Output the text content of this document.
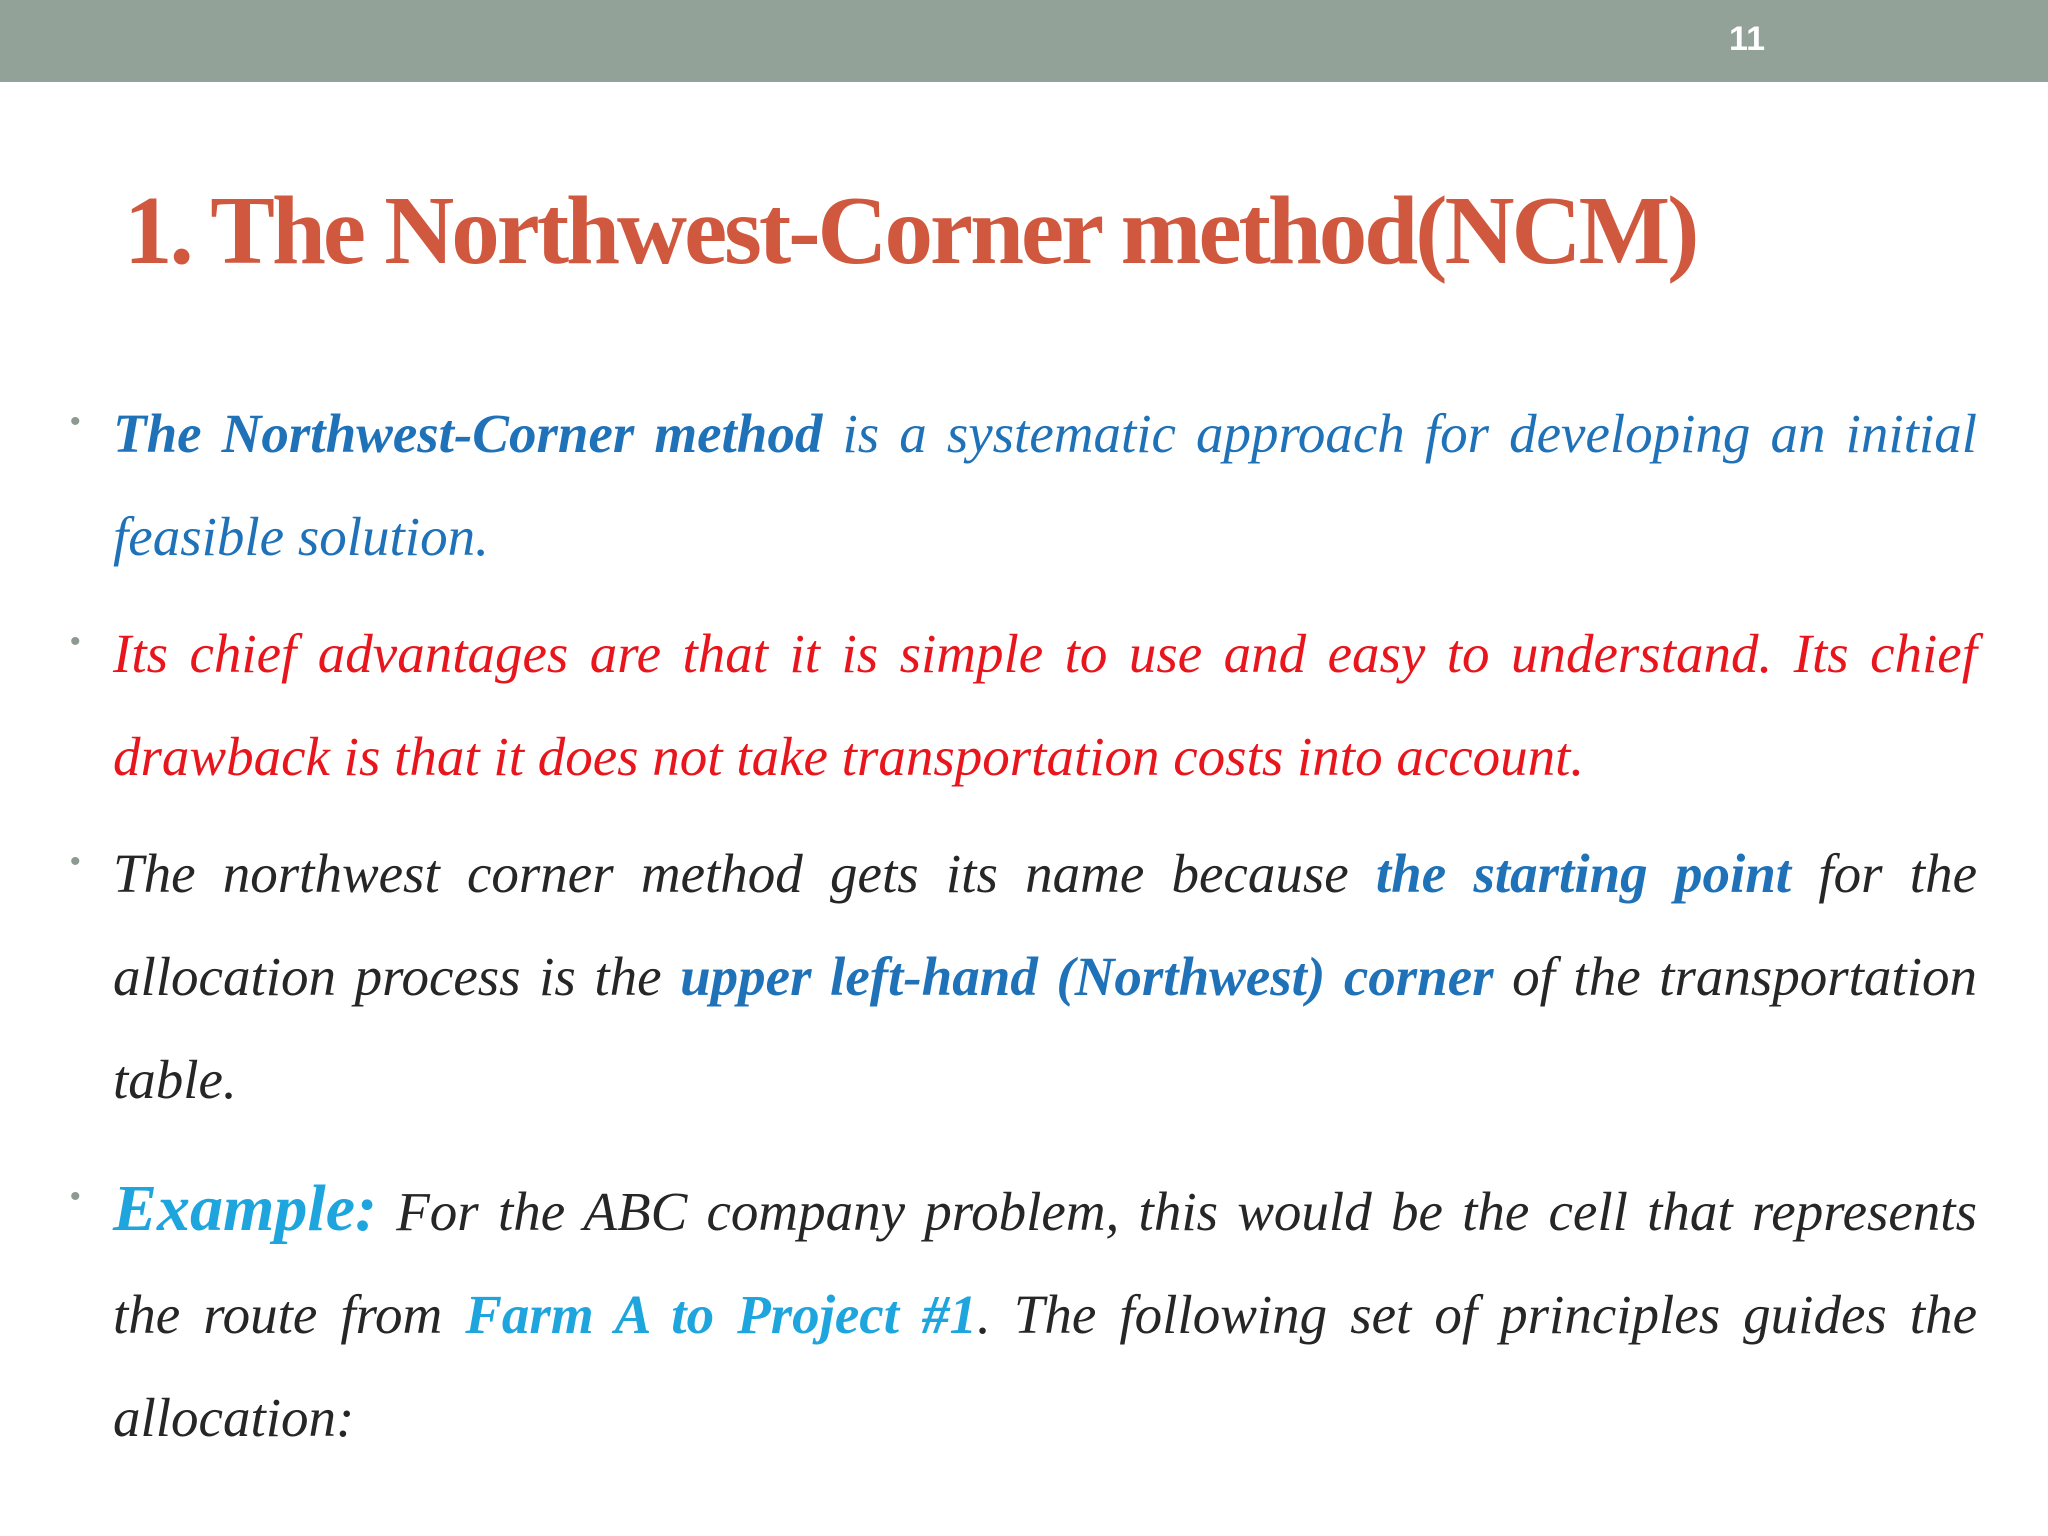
11
1. The Northwest-Corner method(NCM)
• The Northwest-Corner method is a systematic approach for developing an initial feasible solution.
• Its chief advantages are that it is simple to use and easy to understand. Its chief drawback is that it does not take transportation costs into account.
• The northwest corner method gets its name because the starting point for the allocation process is the upper left-hand (Northwest) corner of the transportation table.
• Example: For the ABC company problem, this would be the cell that represents the route from Farm A to Project #1. The following set of principles guides the allocation:
